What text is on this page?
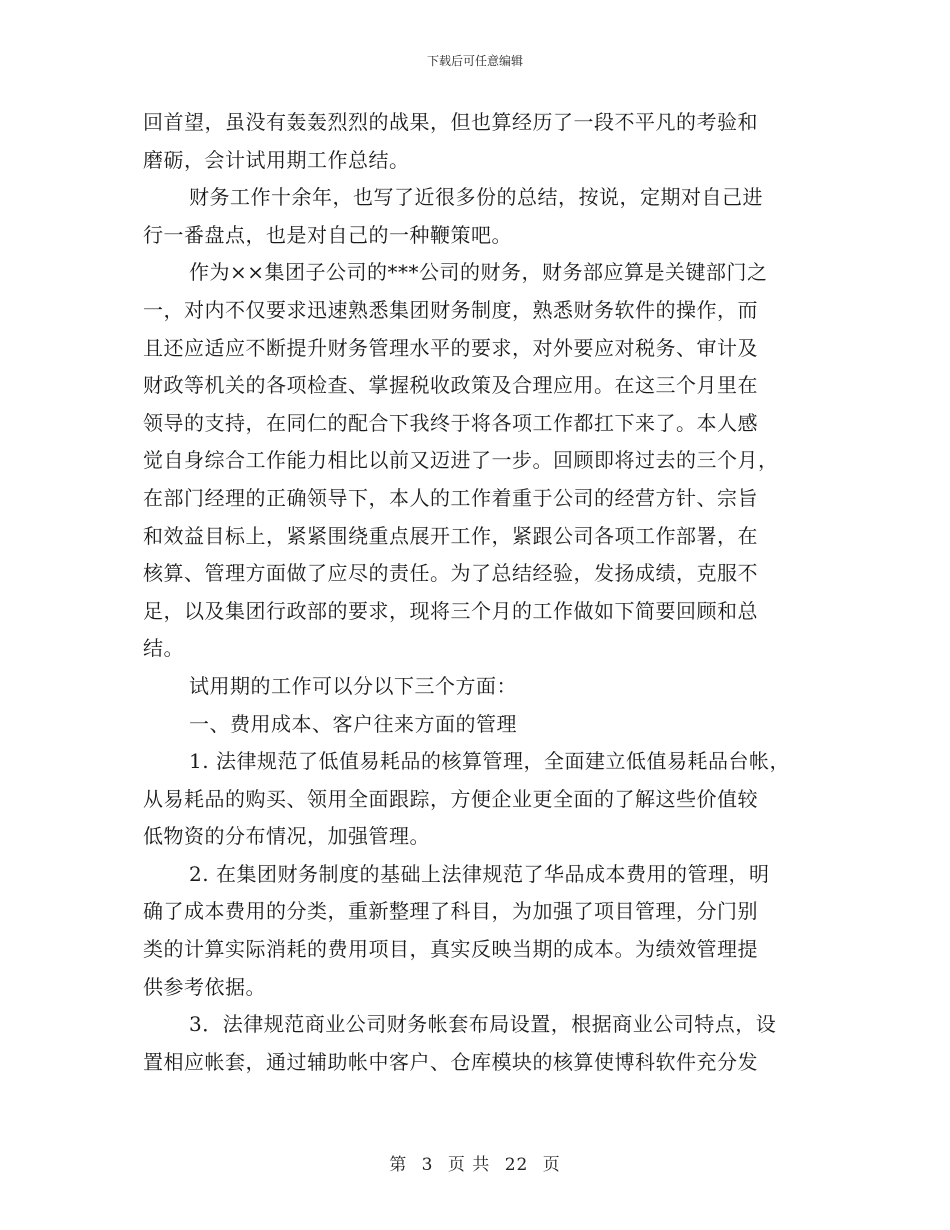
下载后可任意编辑
回首望，虽没有轰轰烈烈的战果，但也算经历了一段不平凡的考验和
磨砺，会计试用期工作总结。
财务工作十余年，也写了近很多份的总结，按说，定期对自己进
行一番盘点，也是对自己的一种鞭策吧。
作为××集团子公司的***公司的财务，财务部应算是关键部门之
一，对内不仅要求迅速熟悉集团财务制度，熟悉财务软件的操作，而
且还应适应不断提升财务管理水平的要求，对外要应对税务、审计及
财政等机关的各项检查、掌握税收政策及合理应用。在这三个月里在
领导的支持，在同仁的配合下我终于将各项工作都扛下来了。本人感
觉自身综合工作能力相比以前又迈进了一步。回顾即将过去的三个月，
在部门经理的正确领导下，本人的工作着重于公司的经营方针、宗旨
和效益目标上，紧紧围绕重点展开工作，紧跟公司各项工作部署，在
核算、管理方面做了应尽的责任。为了总结经验，发扬成绩，克服不
足，以及集团行政部的要求，现将三个月的工作做如下简要回顾和总
结。
试用期的工作可以分以下三个方面：
一、费用成本、客户往来方面的管理
1. 法律规范了低值易耗品的核算管理，全面建立低值易耗品台帐，
从易耗品的购买、领用全面跟踪，方便企业更全面的了解这些价值较
低物资的分布情况，加强管理。
2. 在集团财务制度的基础上法律规范了华品成本费用的管理，明
确了成本费用的分类，重新整理了科目，为加强了项目管理，分门别
类的计算实际消耗的费用项目，真实反映当期的成本。为绩效管理提
供参考依据。
3．法律规范商业公司财务帐套布局设置，根据商业公司特点，设
置相应帐套，通过辅助帐中客户、仓库模块的核算使博科软件充分发
第 3 页 共 22 页
